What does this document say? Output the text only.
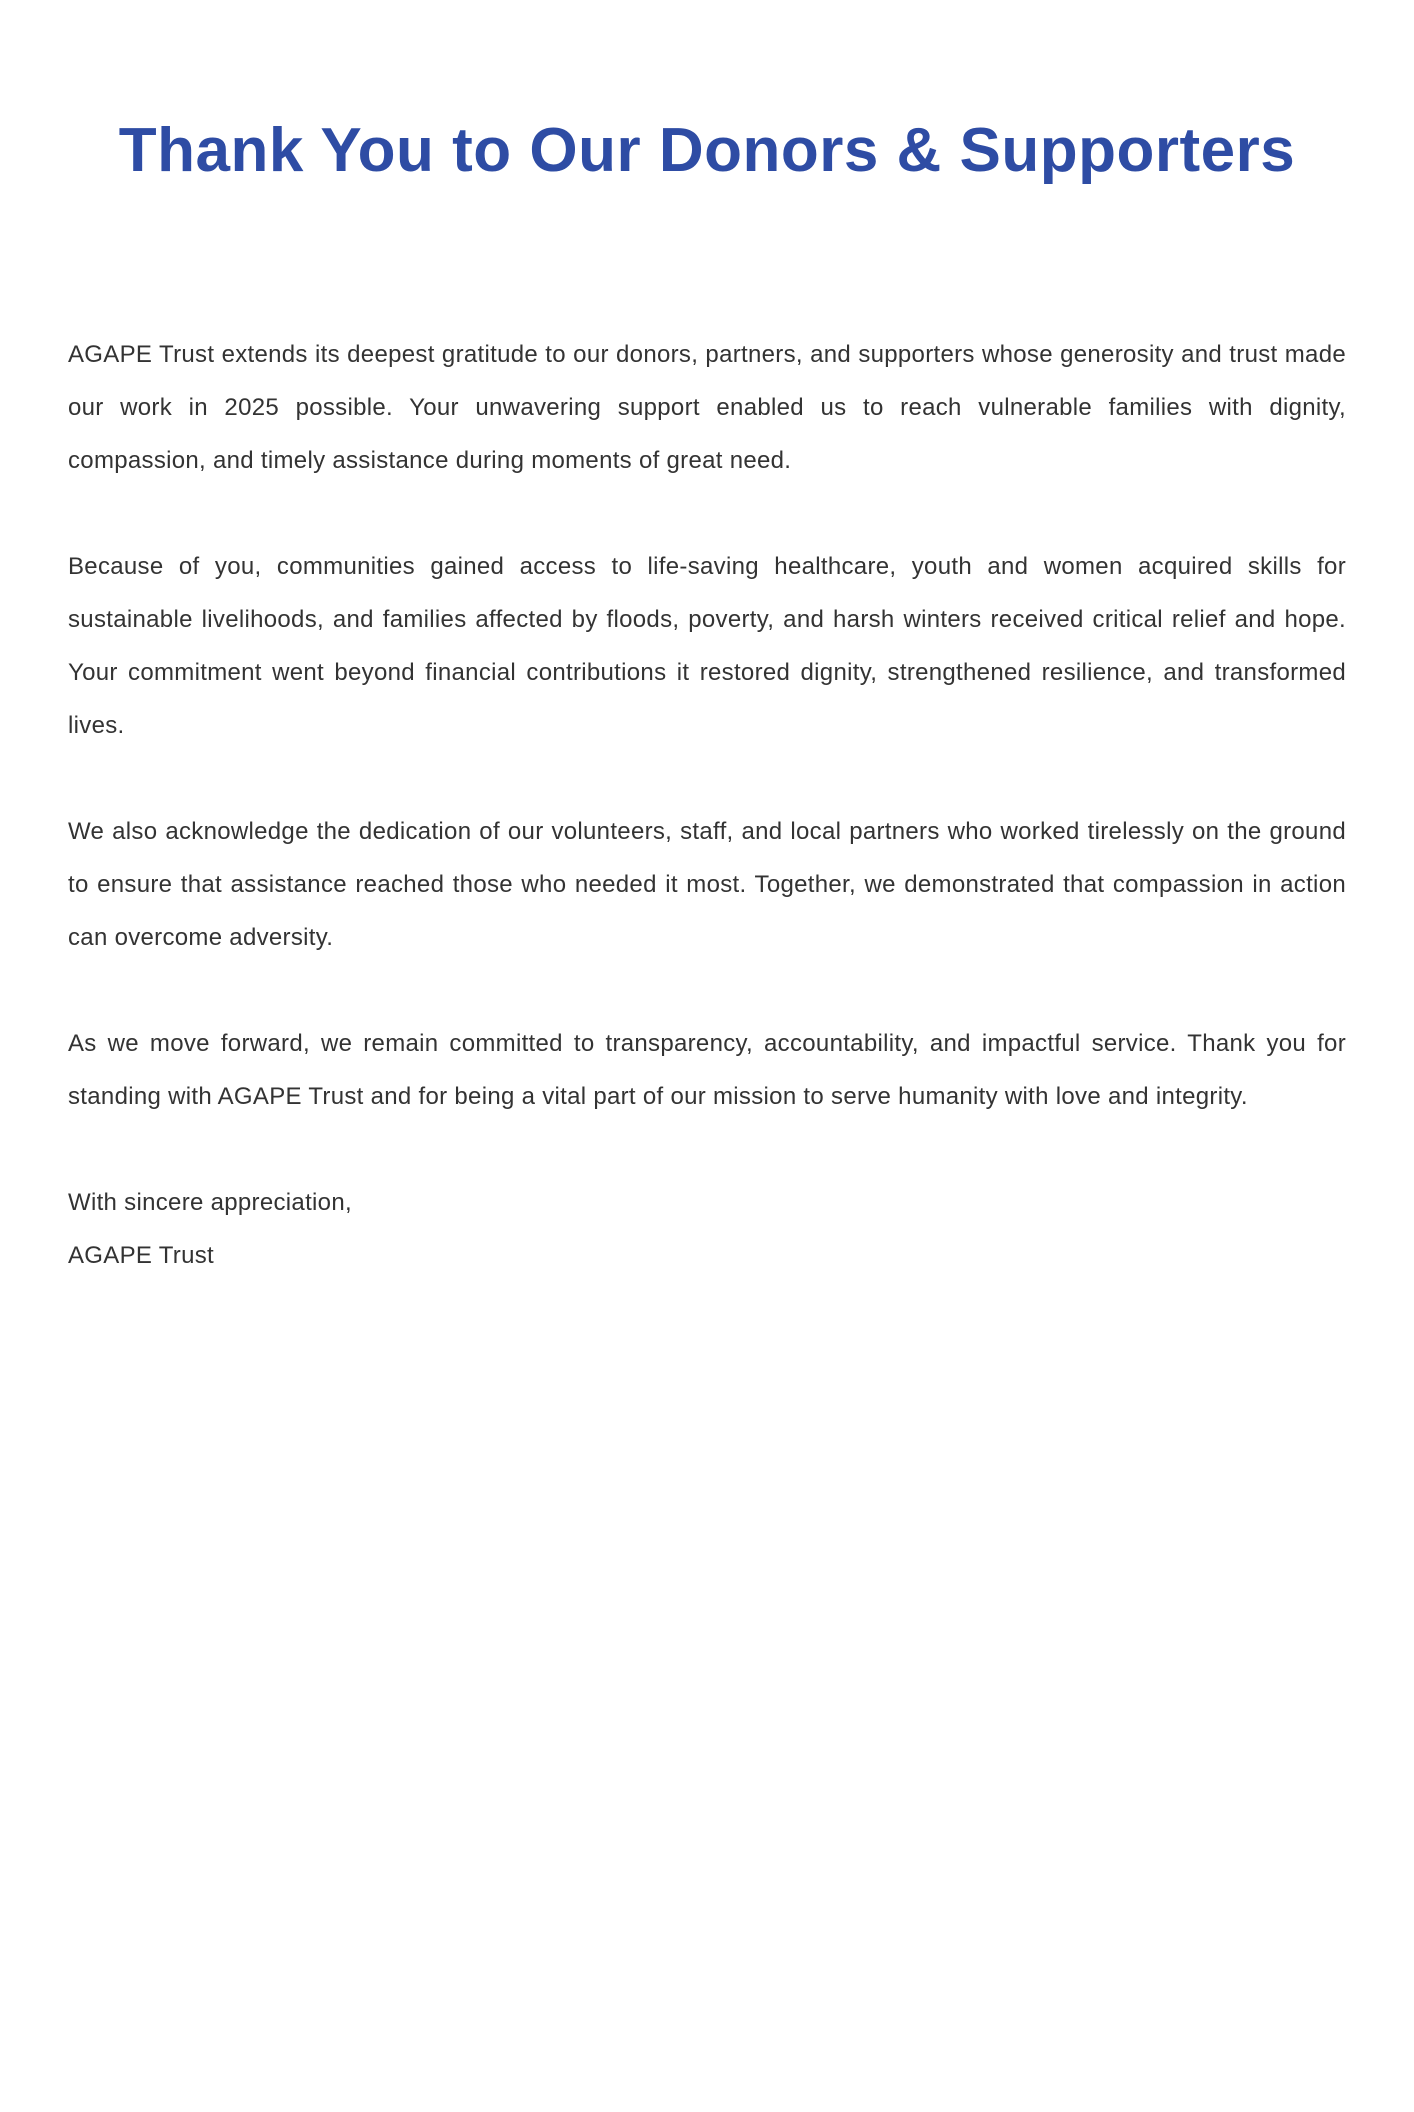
Thank You to Our Donors & Supporters

AGAPE Trust extends its deepest gratitude to our donors, partners, and supporters whose generosity and trust made our work in 2025 possible. Your unwavering support enabled us to reach vulnerable families with dignity, compassion, and timely assistance during moments of great need.

Because of you, communities gained access to life-saving healthcare, youth and women acquired skills for sustainable livelihoods, and families affected by floods, poverty, and harsh winters received critical relief and hope. Your commitment went beyond financial contributions it restored dignity, strengthened resilience, and transformed lives.

We also acknowledge the dedication of our volunteers, staff, and local partners who worked tirelessly on the ground to ensure that assistance reached those who needed it most. Together, we demonstrated that compassion in action can overcome adversity.

As we move forward, we remain committed to transparency, accountability, and impactful service. Thank you for standing with AGAPE Trust and for being a vital part of our mission to serve humanity with love and integrity.

With sincere appreciation,
AGAPE Trust
